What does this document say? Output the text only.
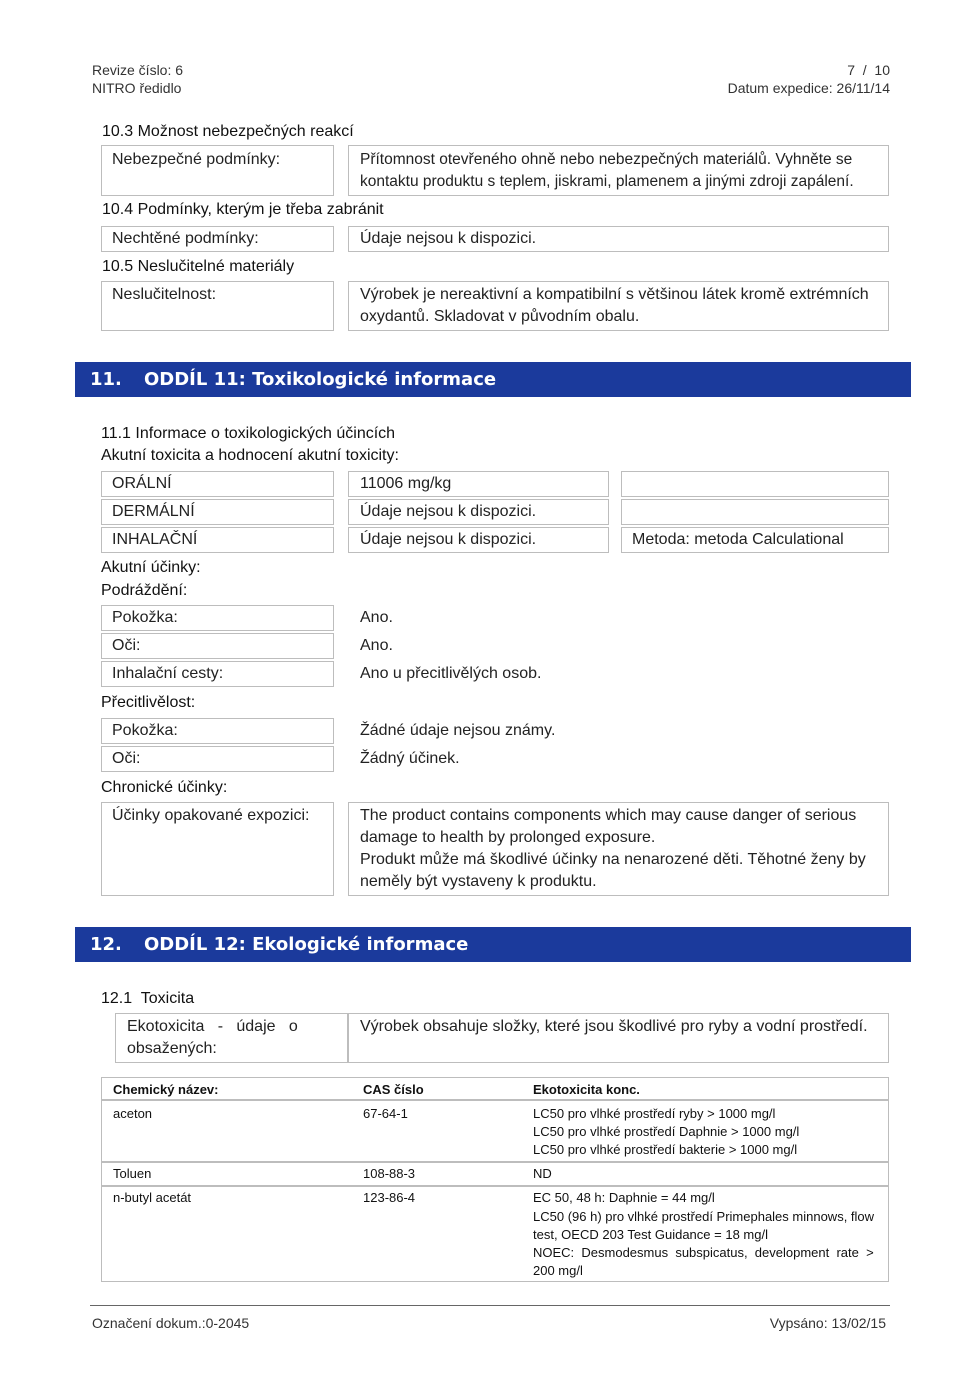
Revize číslo: 6
NITRO ředidlo
7  /  10
Datum expedice: 26/11/14
10.3 Možnost nebezpečných reakcí
Nebezpečné podmínky:	Přítomnost otevřeného ohně nebo nebezpečných materiálů. Vyhněte se
kontaktu produktu s teplem, jiskrami, plamenem a jinými zdroji zapálení.
10.4 Podmínky, kterým je třeba zabránit
Nechtěné podmínky:	Údaje nejsou k dispozici.
10.5 Neslučitelné materiály
Neslučitelnost:	Výrobek je nereaktivní a kompatibilní s většinou látek kromě extrémních
oxydantů. Skladovat v původním obalu.
11. ODDÍL 11: Toxikologické informace
11.1 Informace o toxikologických účincích
Akutní toxicita a hodnocení akutní toxicity:
ORÁLNÍ	11006 mg/kg
DERMÁLNÍ	Údaje nejsou k dispozici.
INHALAČNÍ	Údaje nejsou k dispozici.	Metoda: metoda Calculational
Akutní účinky:
Podráždění:
Pokožka:	Ano.
Oči:	Ano.
Inhalační cesty:	Ano u přecitlivělých osob.
Přecitlivělost:
Pokožka:	Žádné údaje nejsou známy.
Oči:	Žádný účinek.
Chronické účinky:
Účinky opakované expozici:	The product contains components which may cause danger of serious
damage to health by prolonged exposure.
Produkt může má škodlivé účinky na nenarozené děti. Těhotné ženy by
neměly být vystaveny k produktu.
12. ODDÍL 12: Ekologické informace
12.1  Toxicita
Ekotoxicita   -   údaje   o
obsažených:
Výrobek obsahuje složky, které jsou škodlivé pro ryby a vodní prostředí.
Chemický název:	CAS číslo	Ekotoxicita konc.
aceton	67-64-1	LC50 pro vlhké prostředí ryby > 1000 mg/l
LC50 pro vlhké prostředí Daphnie > 1000 mg/l
LC50 pro vlhké prostředí bakterie > 1000 mg/l
Toluen	108-88-3	ND
n-butyl acetát	123-86-4	EC 50, 48 h: Daphnie = 44 mg/l
LC50 (96 h) pro vlhké prostředí Primephales minnows, flow
test, OECD 203 Test Guidance = 18 mg/l
NOEC:  Desmodesmus  subspicatus,  development  rate  >
200 mg/l
Označení dokum.:0-2045	Vypsáno: 13/02/15
